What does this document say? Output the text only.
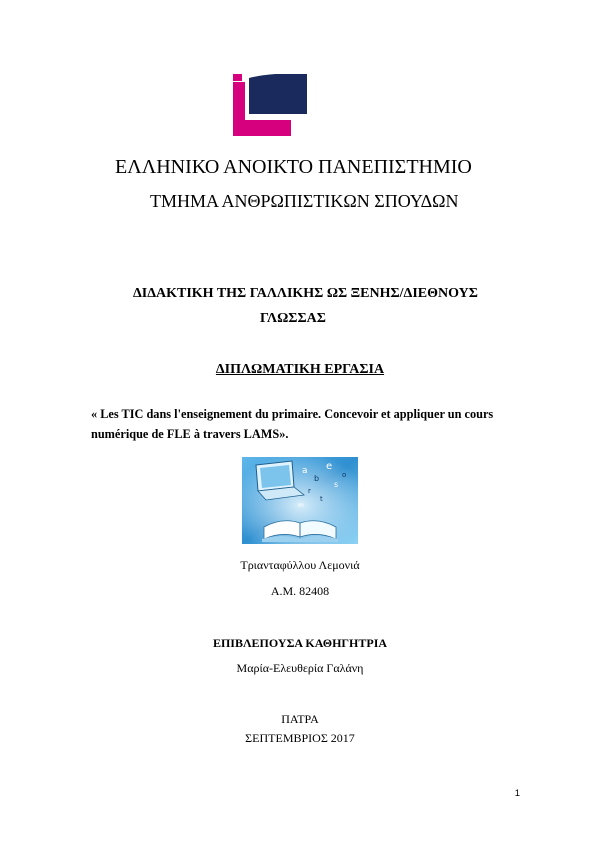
ΕΛΛΗΝΙΚΟ ΑΝΟΙΚΤΟ ΠΑΝΕΠΙΣΤΗΜΙΟ
ΤΜΗΜΑ ΑΝΘΡΩΠΙΣΤΙΚΩΝ ΣΠΟΥΔΩΝ
ΔΙΔΑΚΤΙΚΗ ΤΗΣ ΓΑΛΛΙΚΗΣ ΩΣ ΞΕΝΗΣ/ΔΙΕΘΝΟΥΣ
ΓΛΩΣΣΑΣ
ΔΙΠΛΩΜΑΤΙΚΗ ΕΡΓΑΣΙΑ
« Les TIC dans l'enseignement du primaire. Concevoir et appliquer un cours
numérique de FLE à travers LAMS».
a
b
e
r
s
t
o
m
Τριανταφύλλου Λεμονιά
Α.Μ. 82408
ΕΠΙΒΛΕΠΟΥΣΑ ΚΑΘΗΓΗΤΡΙΑ
Μαρία-Ελευθερία Γαλάνη
ΠΑΤΡΑ
ΣΕΠΤΕΜΒΡΙΟΣ 2017
1
